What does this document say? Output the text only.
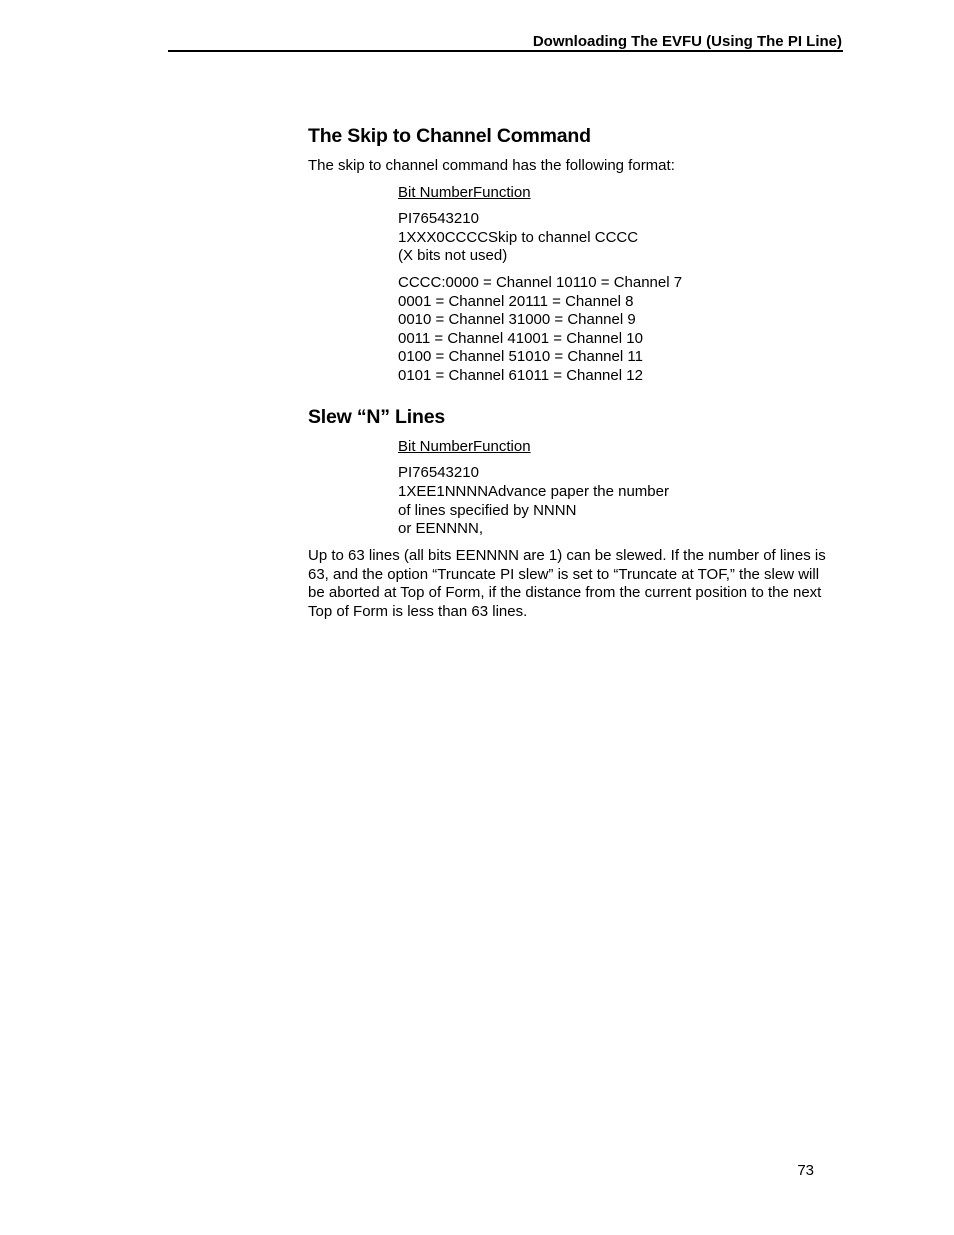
Downloading The EVFU (Using The PI Line)
The Skip to Channel Command
The skip to channel command has the following format:
Bit NumberFunction
PI76543210
1XXX0CCCCSkip to channel CCCC
(X bits not used)
CCCC:0000 = Channel 10110 = Channel 7
0001 = Channel 20111 = Channel 8
0010 = Channel 31000 = Channel 9
0011 = Channel 41001 = Channel 10
0100 = Channel 51010 = Channel 11
0101 = Channel 61011 = Channel 12
Slew “N” Lines
Bit NumberFunction
PI76543210
1XEE1NNNNAdvance paper the number
of lines specified by NNNN
or EENNNN,
Up to 63 lines (all bits EENNNN are 1) can be slewed. If the number of lines is
63, and the option “Truncate PI slew” is set to “Truncate at TOF,” the slew will
be aborted at Top of Form, if the distance from the current position to the next
Top of Form is less than 63 lines.
73
